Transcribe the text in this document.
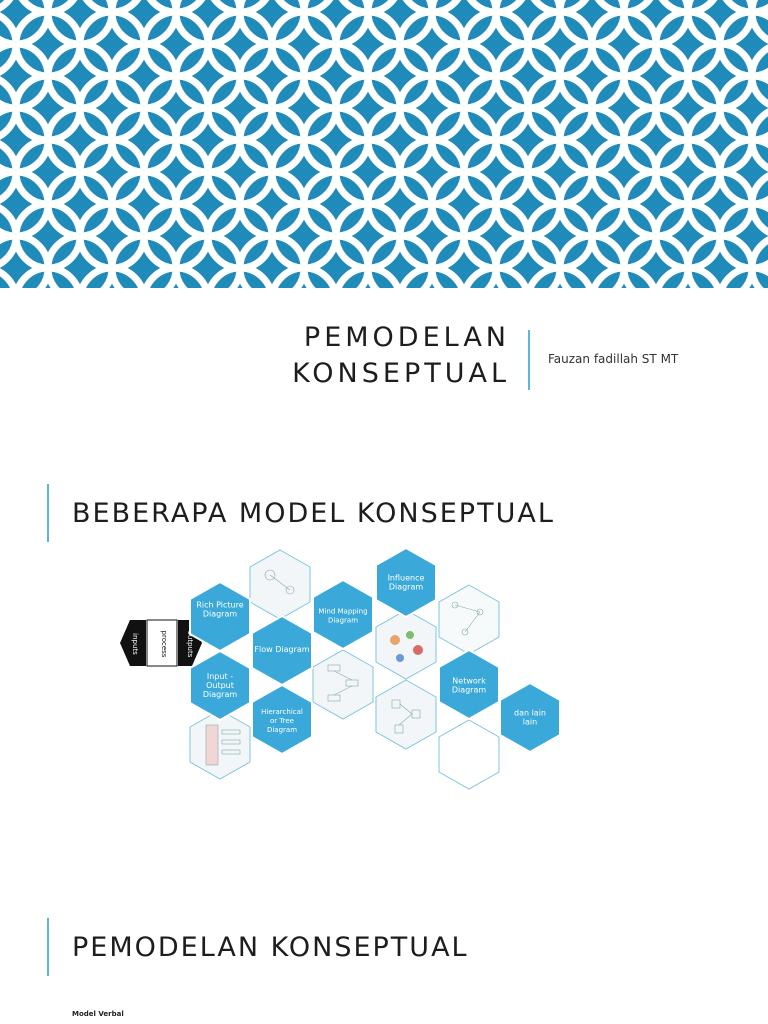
PEMODELAN
KONSEPTUAL	Fauzan fadillah ST MT
BEBERAPA MODEL KONSEPTUAL
inputs	process	outputs
Rich Picture Diagram
Input -Output Diagram
Flow Diagram
Hierarchical or Tree Diagram
Mind Mapping Diagram
Influence Diagram
Network Diagram
dan lain lain
PEMODELAN KONSEPTUAL
Model Verbal
